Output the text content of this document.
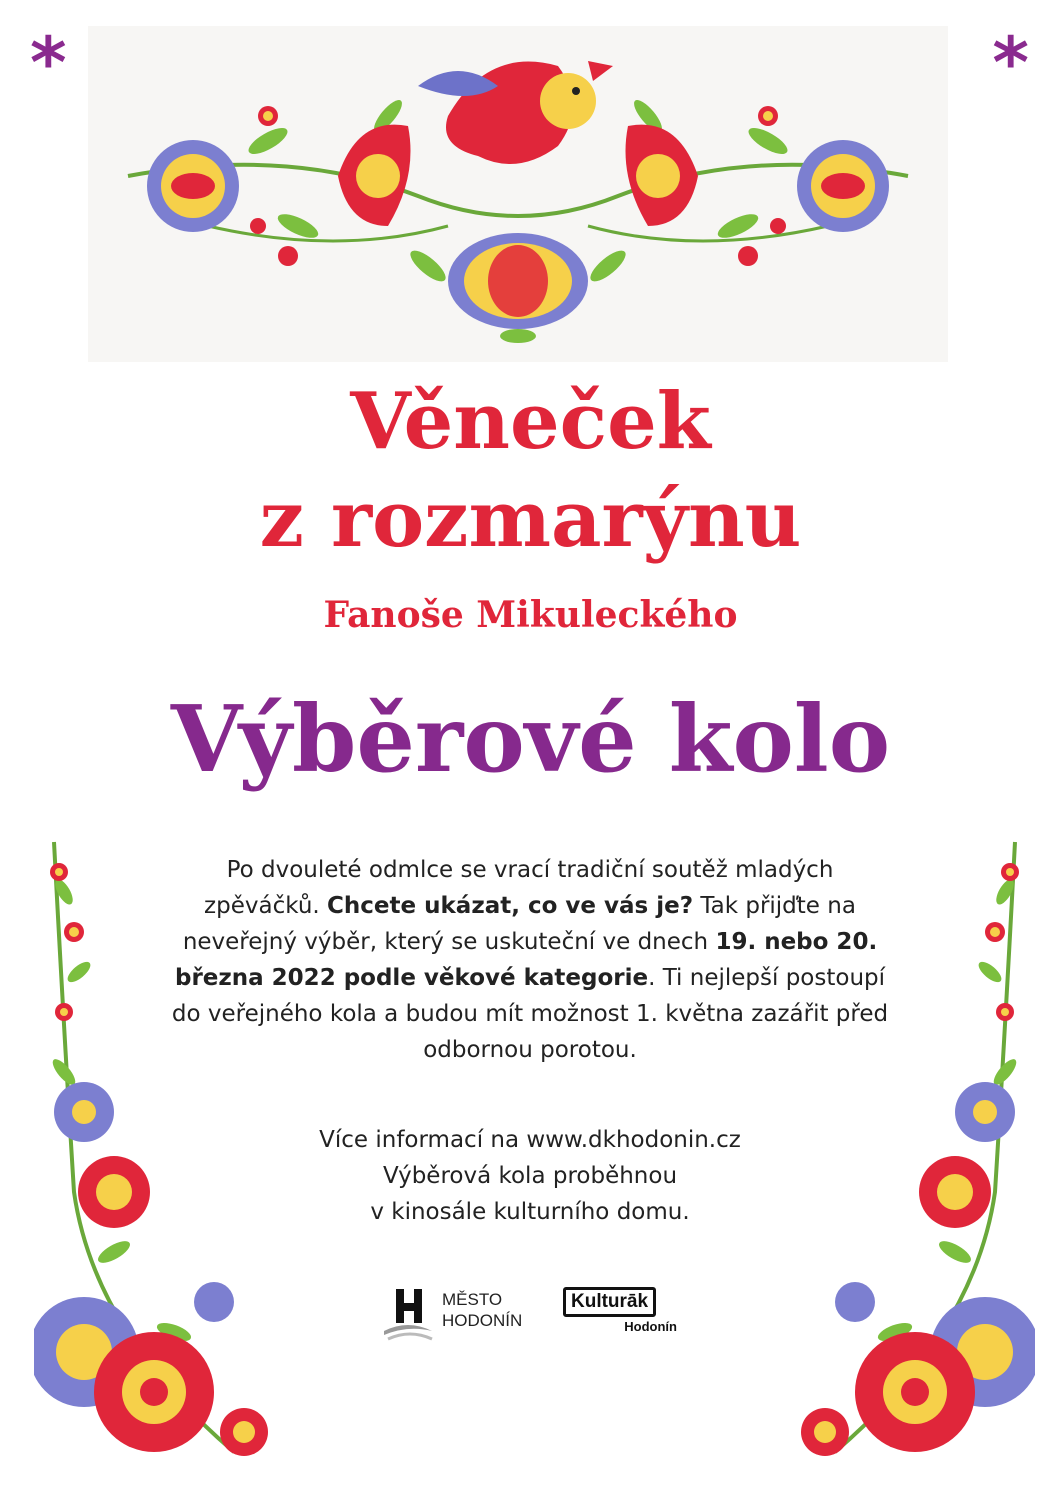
*	*
Věneček
z rozmarýnu
Fanoše Mikuleckého
Výběrové kolo
Po dvouleté odmlce se vrací tradiční soutěž mladých zpěváčků. Chcete ukázat, co ve vás je? Tak přijďte na neveřejný výběr, který se uskuteční ve dnech 19. nebo 20. března 2022 podle věkové kategorie. Ti nejlepší postoupí do veřejného kola a budou mít možnost 1. května zazářit před odbornou porotou.
Více informací na www.dkhodonin.cz
Výběrová kola proběhnou
v kinosále kulturního domu.
MĚSTO
HODONÍN
Kulturāk
Hodonín
